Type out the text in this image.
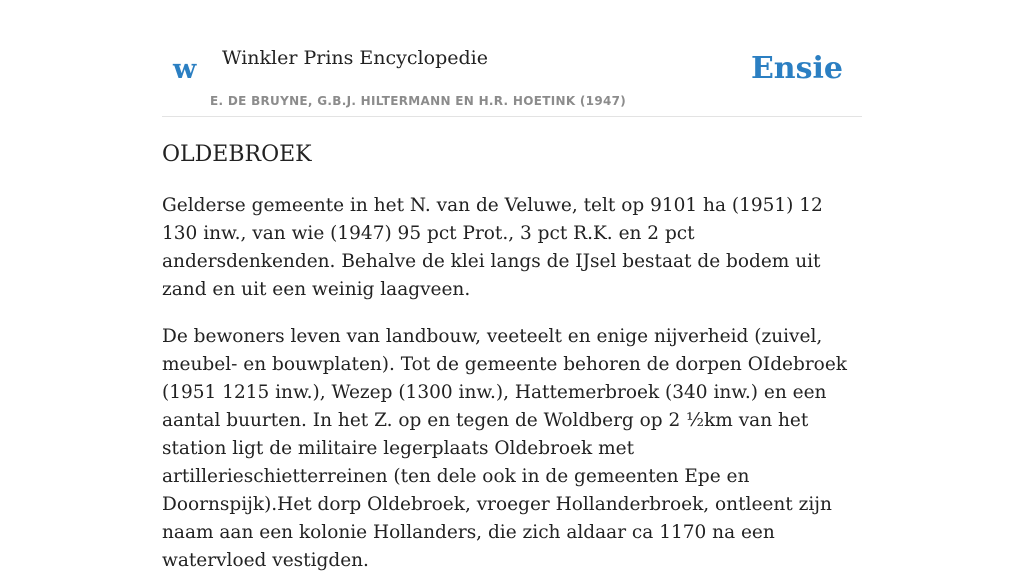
w Winkler Prins Encyclopedie
E. DE BRUYNE, G.B.J. HILTERMANN EN H.R. HOETINK (1947)
Ensie
OLDEBROEK

Gelderse gemeente in het N. van de Veluwe, telt op 9101 ha (1951) 12 130 inw., van wie (1947) 95 pct Prot., 3 pct R.K. en 2 pct andersdenkenden. Behalve de klei langs de IJsel bestaat de bodem uit zand en uit een weinig laagveen.

De bewoners leven van landbouw, veeteelt en enige nijverheid (zuivel, meubel- en bouwplaten). Tot de gemeente behoren de dorpen OIdebroek (1951 1215 inw.), Wezep (1300 inw.), Hattemerbroek (340 inw.) en een aantal buurten. In het Z. op en tegen de Woldberg op 2 ½km van het station ligt de militaire legerplaats Oldebroek met artillerieschietterreinen (ten dele ook in de gemeenten Epe en Doornspijk).Het dorp Oldebroek, vroeger Hollanderbroek, ontleent zijn naam aan een kolonie Hollanders, die zich aldaar ca 1170 na een watervloed vestigden.
